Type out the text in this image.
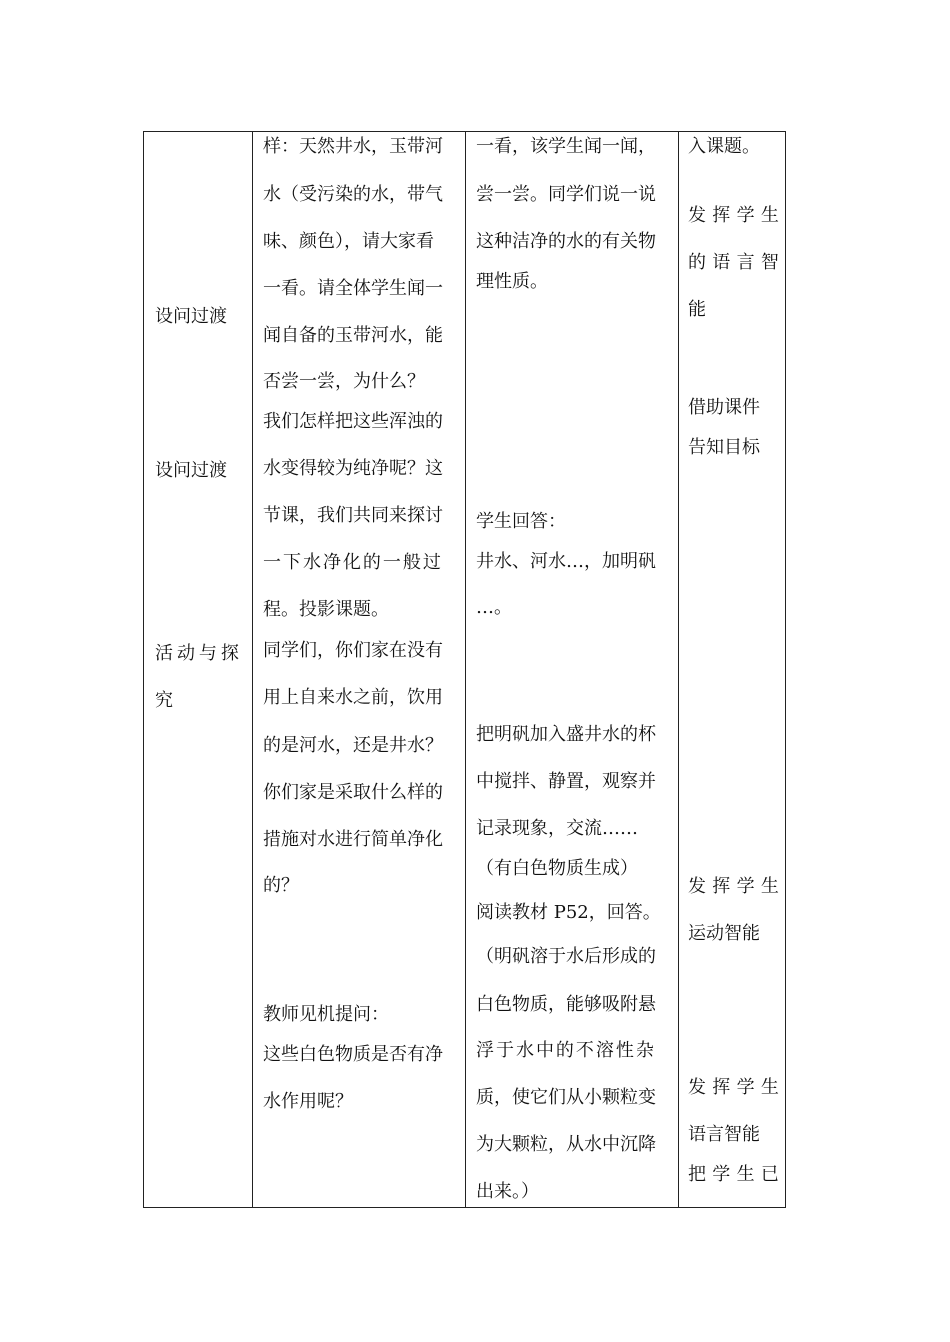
设问过渡
设问过渡
活动与探
究
样：天然井水，玉带河
水（受污染的水，带气
味、颜色），请大家看
一看。请全体学生闻一
闻自备的玉带河水，能
否尝一尝，为什么？
我们怎样把这些浑浊的
水变得较为纯净呢？这
节课，我们共同来探讨
一下水净化的一般过
程。投影课题。
同学们，你们家在没有
用上自来水之前，饮用
的是河水，还是井水？
你们家是采取什么样的
措施对水进行简单净化
的？
教师见机提问：
这些白色物质是否有净
水作用呢？
一看，该学生闻一闻，
尝一尝。同学们说一说
这种洁净的水的有关物
理性质。
学生回答：
井水、河水…，加明矾
…。
把明矾加入盛井水的杯
中搅拌、静置，观察并
记录现象，交流……
（有白色物质生成）
阅读教材 P52，回答。
（明矾溶于水后形成的
白色物质，能够吸附悬
浮于水中的不溶性杂
质，使它们从小颗粒变
为大颗粒，从水中沉降
出来。）
入课题。
发挥学生
的语言智
能
借助课件
告知目标
发挥学生
运动智能
发挥学生
语言智能
把学生已
